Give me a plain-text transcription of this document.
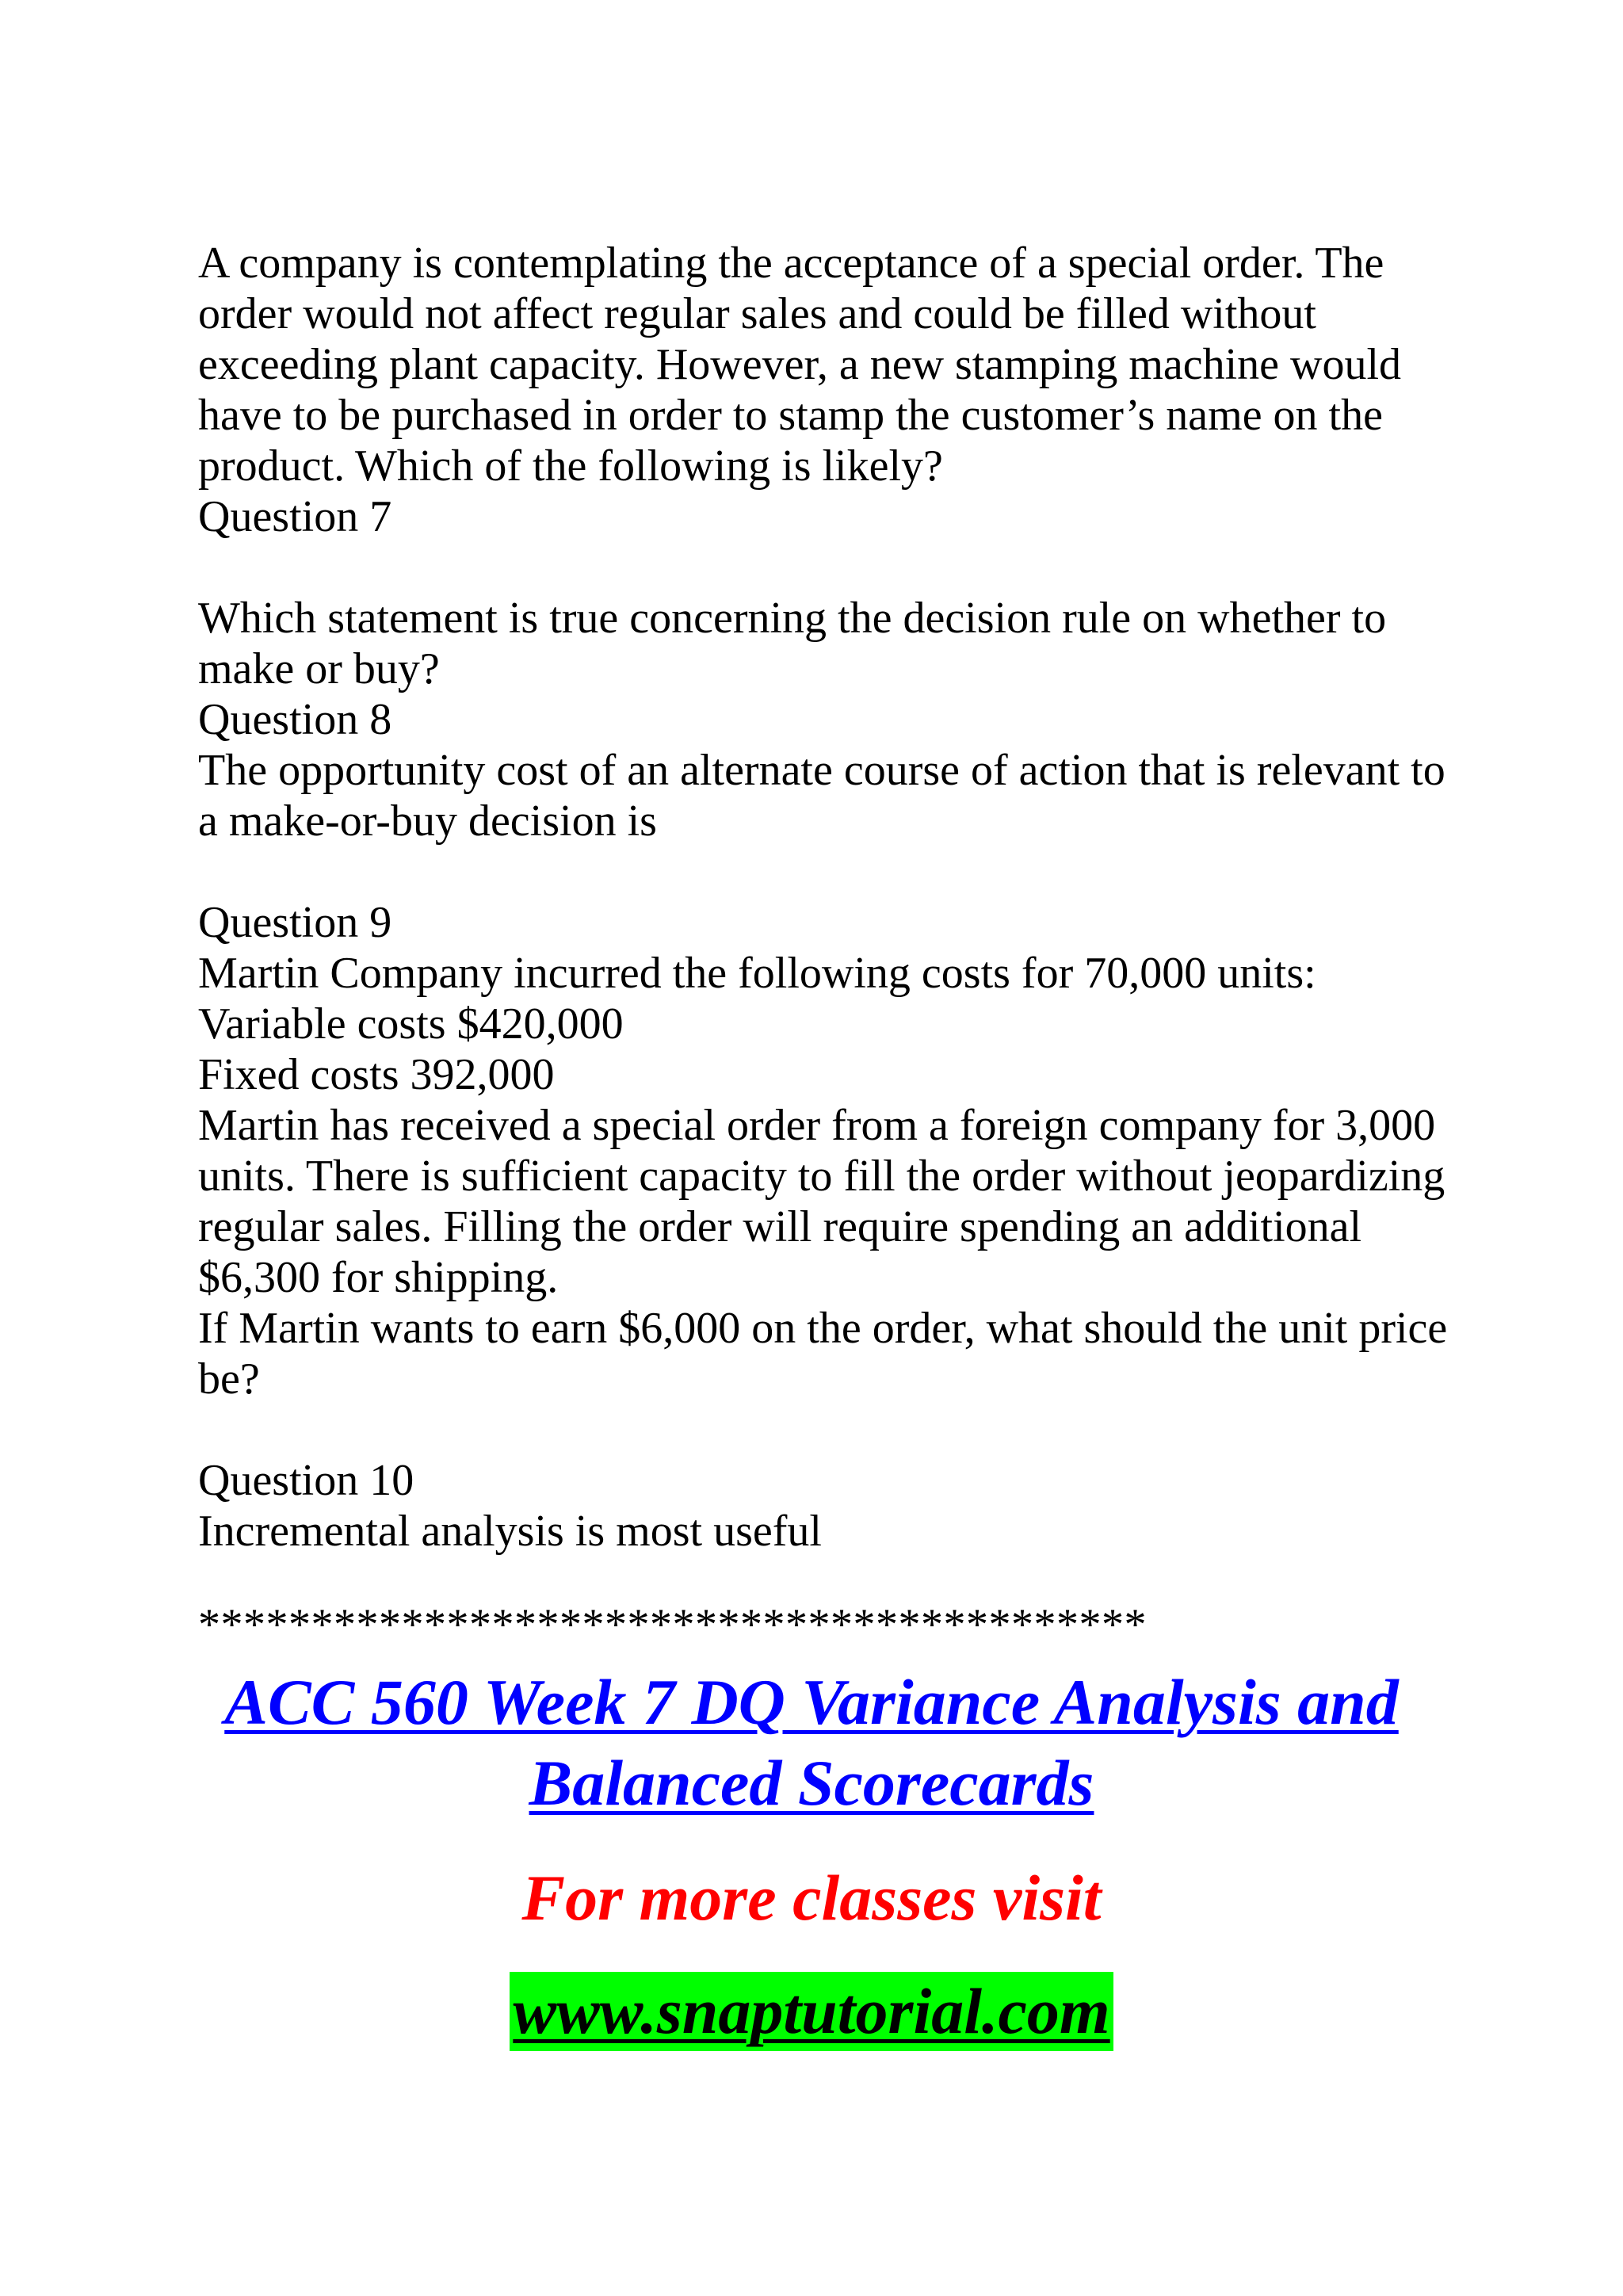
A company is contemplating the acceptance of a special order. The
order would not affect regular sales and could be filled without
exceeding plant capacity. However, a new stamping machine would
have to be purchased in order to stamp the customer’s name on the
product. Which of the following is likely?
Question 7
Which statement is true concerning the decision rule on whether to
make or buy?
Question 8
The opportunity cost of an alternate course of action that is relevant to
a make-or-buy decision is
Question 9
Martin Company incurred the following costs for 70,000 units:
Variable costs $420,000
Fixed costs 392,000
Martin has received a special order from a foreign company for 3,000
units. There is sufficient capacity to fill the order without jeopardizing
regular sales. Filling the order will require spending an additional
$6,300 for shipping.
If Martin wants to earn $6,000 on the order, what should the unit price
be?
Question 10
Incremental analysis is most useful
******************************************
ACC 560 Week 7 DQ Variance Analysis and
Balanced Scorecards
For more classes visit
www.snaptutorial.com
